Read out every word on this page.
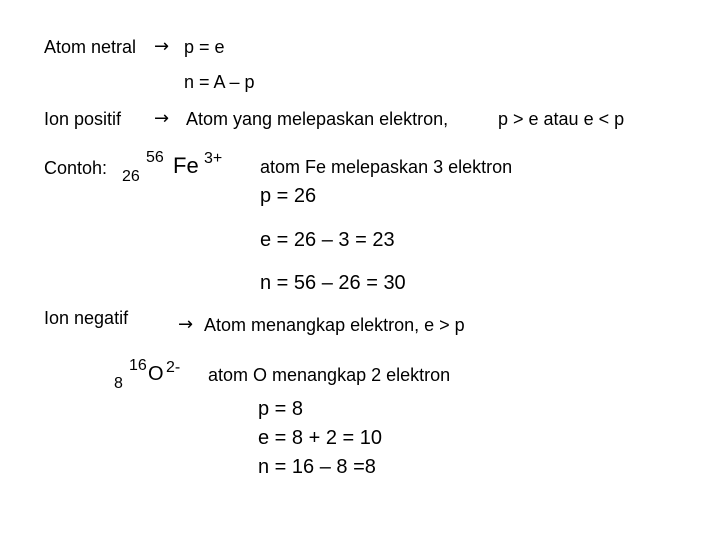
Atom netral → p = e
n = A – p
Ion positif → Atom yang melepaskan elektron,	p > e atau e < p
Contoh: 26
56 Fe 3+ atom Fe melepaskan 3 elektron
p = 26
e = 26 – 3 = 23
n = 56 – 26 = 30
Ion negatif	→ Atom menangkap elektron, e > p
8
16 O 2- atom O menangkap 2 elektron
p = 8
e = 8 + 2 = 10
n = 16 – 8 =8
